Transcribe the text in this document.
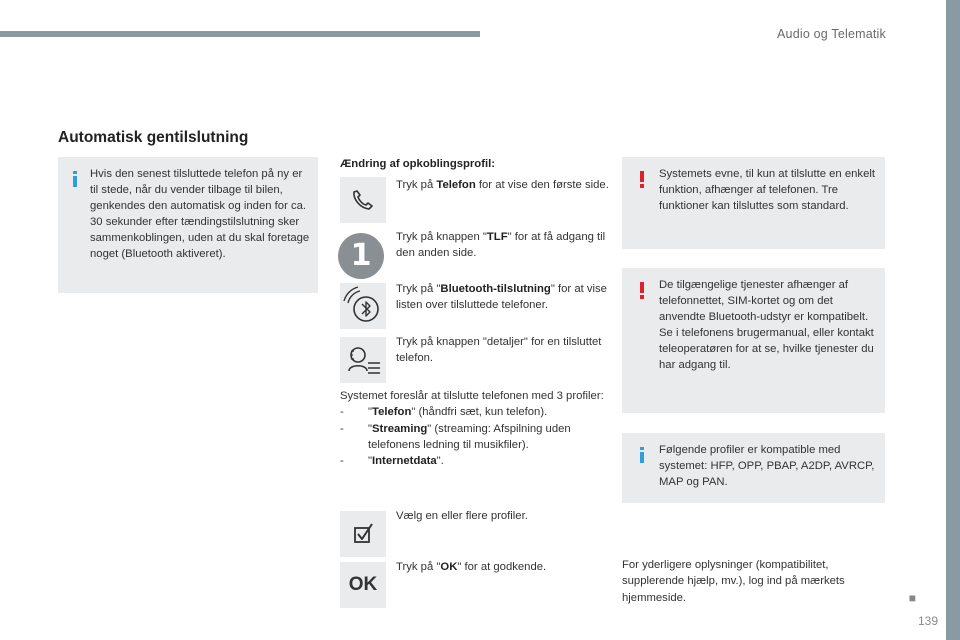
Audio og Telematik
■
139
Automatisk gentilslutning
Hvis den senest tilsluttede telefon på ny er til stede, når du vender tilbage til bilen, genkendes den automatisk og inden for ca. 30 sekunder efter tændingstilslutning sker sammenkoblingen, uden at du skal foretage noget (Bluetooth aktiveret).	1
Ændring af opkoblingsprofil:
Tryk på Telefon for at vise den første side.
Tryk på knappen "TLF" for at få adgang til den anden side.
Tryk på "Bluetooth-tilslutning" for at vise listen over tilsluttede telefoner.
Tryk på knappen "detaljer" for en tilsluttet telefon.
Systemet foreslår at tilslutte telefonen med 3 profiler:
-	"Telefon" (håndfri sæt, kun telefon).
-	"Streaming" (streaming: Afspilning uden telefonens ledning til musikfiler).
-	"Internetdata".
Vælg en eller flere profiler.
OK
Tryk på "OK" for at godkende.
Systemets evne, til kun at tilslutte en enkelt funktion, afhænger af telefonen. Tre funktioner kan tilsluttes som standard.
De tilgængelige tjenester afhænger af telefonnettet, SIM-kortet og om det anvendte Bluetooth-udstyr er kompatibelt. Se i telefonens brugermanual, eller kontakt teleoperatøren for at se, hvilke tjenester du har adgang til.
Følgende profiler er kompatible med systemet: HFP, OPP, PBAP, A2DP, AVRCP, MAP og PAN.
For yderligere oplysninger (kompatibilitet, supplerende hjælp, mv.), log ind på mærkets hjemmeside.
